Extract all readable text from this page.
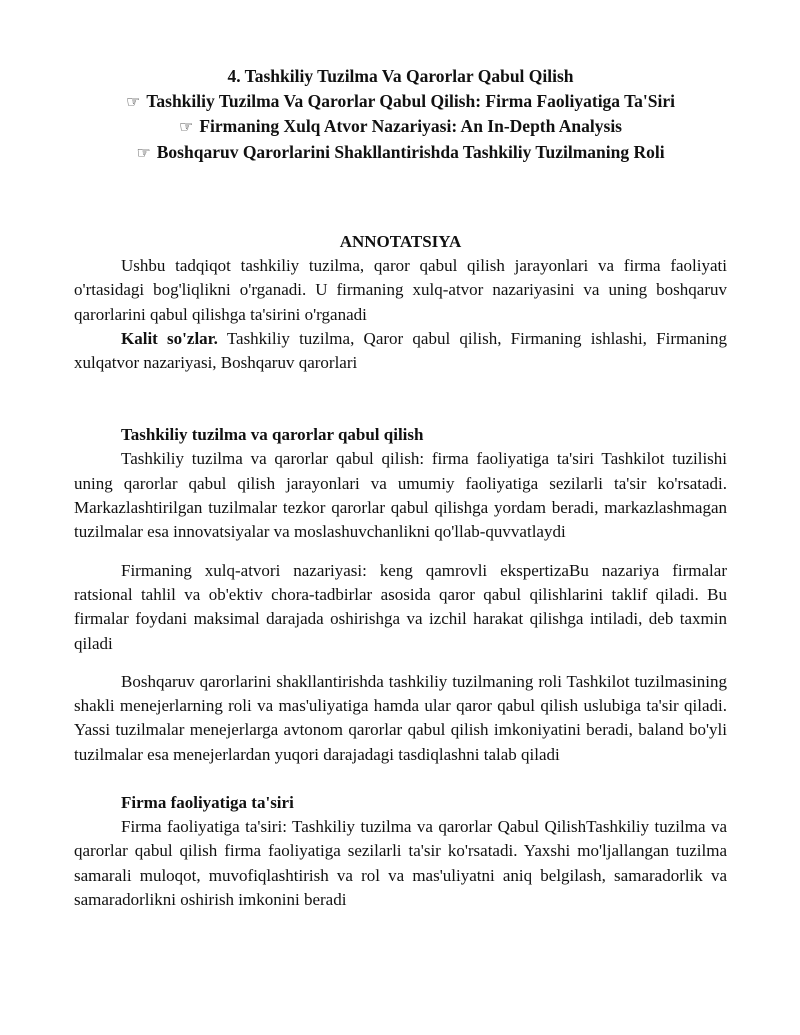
4. Tashkiliy Tuzilma Va Qarorlar Qabul Qilish
☞ Tashkiliy Tuzilma Va Qarorlar Qabul Qilish: Firma Faoliyatiga Ta'Siri
☞ Firmaning Xulq Atvor Nazariyasi: An In-Depth Analysis
☞ Boshqaruv Qarorlarini Shakllantirishda Tashkiliy Tuzilmaning Roli
ANNOTATSIYA

Ushbu tadqiqot tashkiliy tuzilma, qaror qabul qilish jarayonlari va firma faoliyati o'rtasidagi bog'liqlikni o'rganadi. U firmaning xulq-atvor nazariyasini va uning boshqaruv qarorlarini qabul qilishga ta'sirini o'rganadi

Kalit so'zlar. Tashkiliy tuzilma, Qaror qabul qilish, Firmaning ishlashi, Firmaning xulqatvor nazariyasi, Boshqaruv qarorlari

Tashkiliy tuzilma va qarorlar qabul qilish

Tashkiliy tuzilma va qarorlar qabul qilish: firma faoliyatiga ta'siri Tashkilot tuzilishi uning qarorlar qabul qilish jarayonlari va umumiy faoliyatiga sezilarli ta'sir ko'rsatadi. Markazlashtirilgan tuzilmalar tezkor qarorlar qabul qilishga yordam beradi, markazlashmagan tuzilmalar esa innovatsiyalar va moslashuvchanlikni qo'llab-quvvatlaydi

Firmaning xulq-atvori nazariyasi: keng qamrovli ekspertizaBu nazariya firmalar ratsional tahlil va ob'ektiv chora-tadbirlar asosida qaror qabul qilishlarini taklif qiladi. Bu firmalar foydani maksimal darajada oshirishga va izchil harakat qilishga intiladi, deb taxmin qiladi

Boshqaruv qarorlarini shakllantirishda tashkiliy tuzilmaning roli Tashkilot tuzilmasining shakli menejerlarning roli va mas'uliyatiga hamda ular qaror qabul qilish uslubiga ta'sir qiladi. Yassi tuzilmalar menejerlarga avtonom qarorlar qabul qilish imkoniyatini beradi, baland bo'yli tuzilmalar esa menejerlardan yuqori darajadagi tasdiqlashni talab qiladi

Firma faoliyatiga ta'siri

Firma faoliyatiga ta'siri: Tashkiliy tuzilma va qarorlar Qabul QilishTashkiliy tuzilma va qarorlar qabul qilish firma faoliyatiga sezilarli ta'sir ko'rsatadi. Yaxshi mo'ljallangan tuzilma samarali muloqot, muvofiqlashtirish va rol va mas'uliyatni aniq belgilash, samaradorlik va samaradorlikni oshirish imkonini beradi
